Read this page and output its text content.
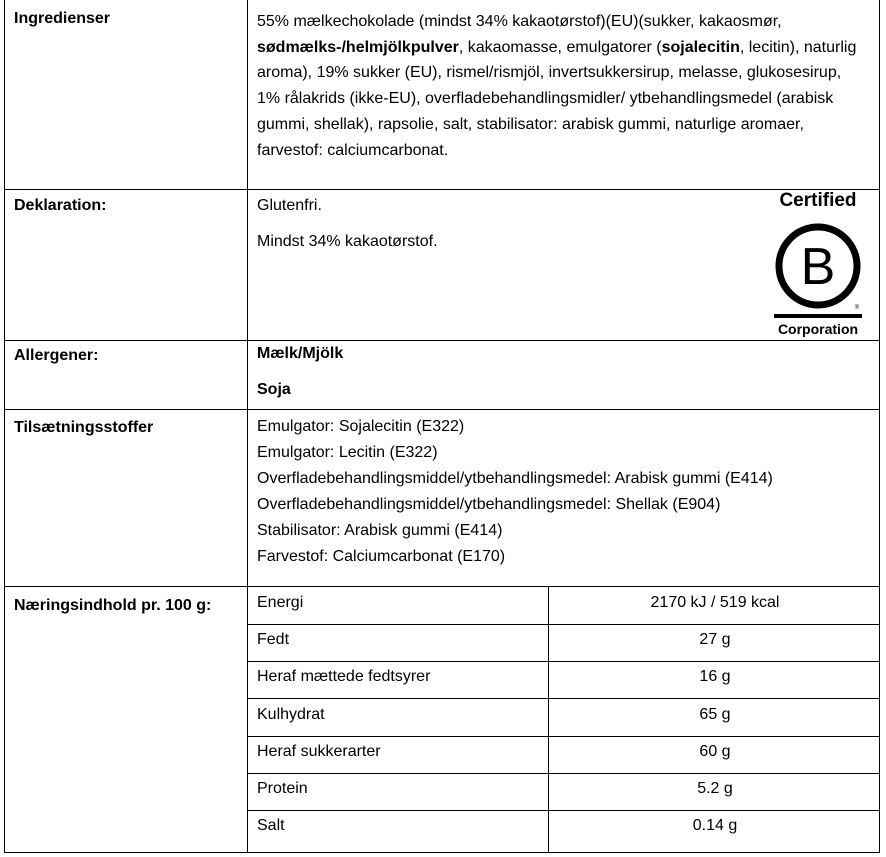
Ingredienser	55% mælkechokolade (mindst 34% kakaotørstof)(EU)(sukker, kakaosmør, sødmælks-/helmjölkpulver, kakaomasse, emulgatorer (sojalecitin, lecitin), naturlig aroma), 19% sukker (EU), rismel/rismjöl, invertsukkersirup, melasse, glukosesirup, 1% rålakrids (ikke-EU), overfladebehandlingsmidler/ ytbehandlingsmedel (arabisk gummi, shellak), rapsolie, salt, stabilisator: arabisk gummi, naturlige aromaer, farvestof: calciumcarbonat.
Deklaration:	Glutenfri.
Mindst 34% kakaotørstof.
Certified
B
®
Corporation
Allergener:	Mælk/Mjölk
Soja
Tilsætningsstoffer	Emulgator: Sojalecitin (E322)
Emulgator: Lecitin (E322)
Overfladebehandlingsmiddel/ytbehandlingsmedel: Arabisk gummi (E414)
Overfladebehandlingsmiddel/ytbehandlingsmedel: Shellak (E904)
Stabilisator: Arabisk gummi (E414)
Farvestof: Calciumcarbonat (E170)
Næringsindhold pr. 100 g:	Energi	2170 kJ / 519 kcal
Fedt	27 g
Heraf mættede fedtsyrer	16 g
Kulhydrat	65 g
Heraf sukkerarter	60 g
Protein	5.2 g
Salt	0.14 g
